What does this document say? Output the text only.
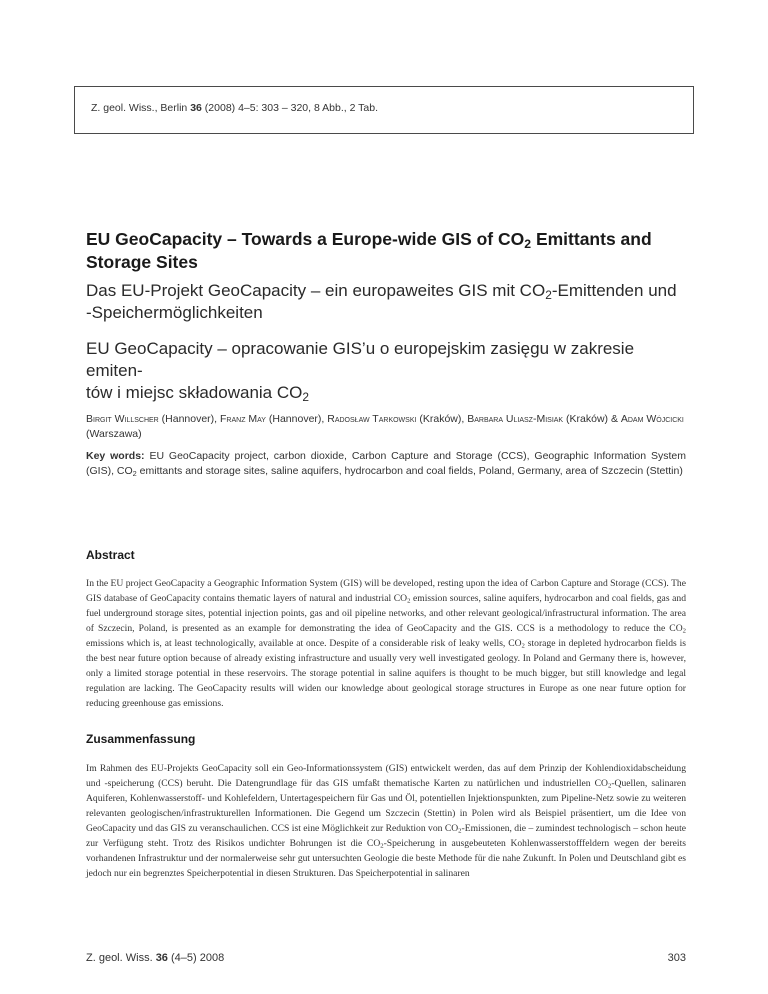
Z. geol. Wiss., Berlin 36 (2008) 4–5: 303 – 320, 8 Abb., 2 Tab.
EU GeoCapacity – Towards a Europe-wide GIS of $CO_2$ Emittants and
Storage Sites
Das EU-Projekt GeoCapacity – ein europaweites GIS mit $CO_2$-Emittenden und
-Speichermöglichkeiten
EU GeoCapacity – opracowanie GIS’u o europejskim zasięgu w zakresie emiten-
tów i miejsc składowania $CO_2$
Birgit Willscher (Hannover), Franz May (Hannover), Radosław Tarkowski (Kraków), Barbara Uliasz-Misiak (Kraków) & Adam Wójcicki (Warszawa)
Key words: EU GeoCapacity project, carbon dioxide, Carbon Capture and Storage (CCS), Geographic Information System (GIS), $CO_2$ emittants and storage sites, saline aquifers, hydrocarbon and coal fields, Poland, Germany, area of Szczecin (Stettin)
Abstract
In the EU project GeoCapacity a Geographic Information System (GIS) will be developed, resting upon the idea of Carbon Capture and Storage (CCS). The GIS database of GeoCapacity contains thematic layers of natural and industrial $CO_2$ emission sources, saline aquifers, hydrocarbon and coal fields, gas and fuel underground storage sites, potential injection points, gas and oil pipeline networks, and other relevant geological/infrastructural information. The area of Szczecin, Poland, is presented as an example for demonstrating the idea of GeoCapacity and the GIS. CCS is a methodology to reduce the $CO_2$ emissions which is, at least technologically, available at once. Despite of a considerable risk of leaky wells, $CO_2$ storage in depleted hydrocarbon fields is the best near future option because of already existing infrastructure and usually very well investigated geology. In Poland and Germany there is, however, only a limited storage potential in these reservoirs. The storage potential in saline aquifers is thought to be much bigger, but still knowledge and legal regulation are lacking. The GeoCapacity results will widen our knowledge about geological storage structures in Europe as one near future option for reducing greenhouse gas emissions.
Zusammenfassung
Im Rahmen des EU-Projekts GeoCapacity soll ein Geo-Informationssystem (GIS) entwickelt werden, das auf dem Prinzip der Kohlendioxidabscheidung und -speicherung (CCS) beruht. Die Datengrundlage für das GIS umfaßt thematische Karten zu natürlichen und industriellen $CO_2$-Quellen, salinaren Aquiferen, Kohlenwasserstoff- und Kohlefeldern, Untertagespeichern für Gas und Öl, potentiellen Injektionspunkten, zum Pipeline-Netz sowie zu weiteren relevanten geologischen/infrastrukturellen Informationen. Die Gegend um Szczecin (Stettin) in Polen wird als Beispiel präsentiert, um die Idee von GeoCapacity und das GIS zu veranschaulichen. CCS ist eine Möglichkeit zur Reduktion von $CO_2$-Emissionen, die – zumindest technologisch – schon heute zur Verfügung steht. Trotz des Risikos undichter Bohrungen ist die $CO_2$-Speicherung in ausgebeuteten Kohlenwasserstofffeldern wegen der bereits vorhandenen Infrastruktur und der normalerweise sehr gut untersuchten Geologie die beste Methode für die nahe Zukunft. In Polen und Deutschland gibt es jedoch nur ein begrenztes Speicherpotential in diesen Strukturen. Das Speicherpotential in salinaren
Z. geol. Wiss. 36 (4–5) 2008	303
